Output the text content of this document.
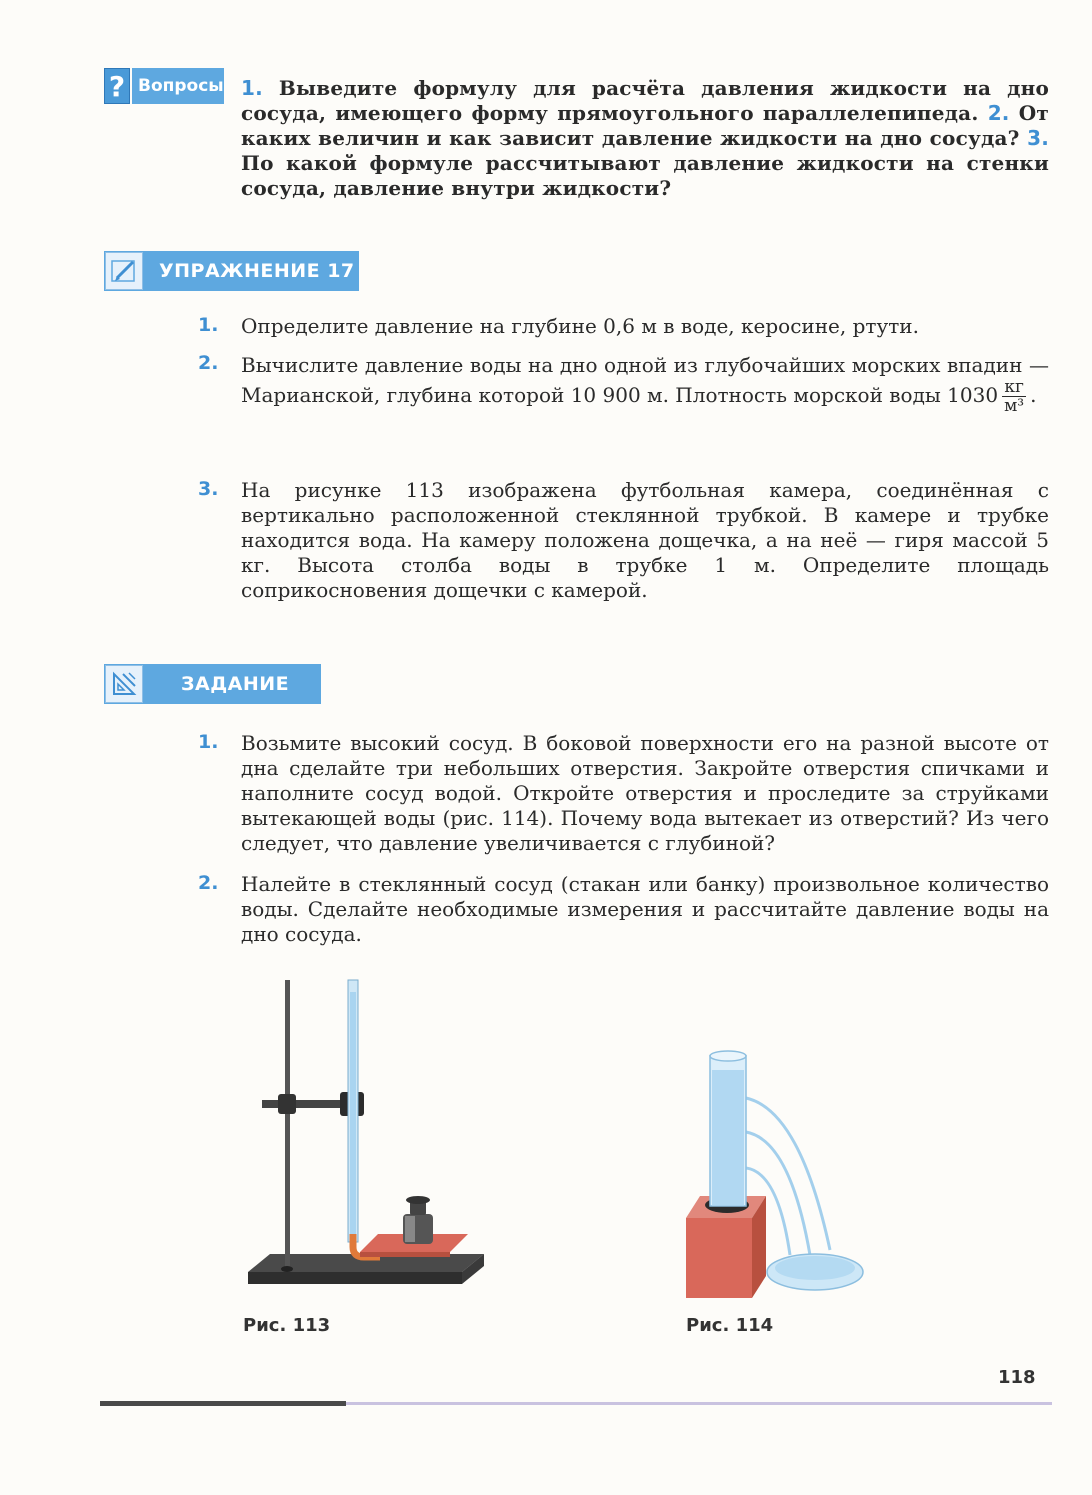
? Вопросы 1. Выведите формулу для расчёта давления жидкости на дно сосуда, имеющего форму прямоугольного параллелепипеда. 2. От каких величин и как зависит давление жидкости на дно сосуда? 3. По какой формуле рассчитывают давление жидкости на стенки сосуда, давление внутри жидкости?
УПРАЖНЕНИЕ 17
1.	Определите давление на глубине 0,6 м в воде, керосине, ртути.
2.	Вычислите давление воды на дно одной из глубочайших морских впадин — Марианской, глубина которой 10 900 м. Плотность морской воды $1030 \frac{кг}{\text{м³}}$ .
3.	На рисунке 113 изображена футбольная камера, соединённая с вертикально расположенной стеклянной трубкой. В камере и трубке находится вода. На камеру положена дощечка, а на неё — гиря массой 5 кг. Высота столба воды в трубке 1 м. Определите площадь соприкосновения дощечки с камерой.
ЗАДАНИЕ
1.	Возьмите высокий сосуд. В боковой поверхности его на разной высоте от дна сделайте три небольших отверстия. Закройте отверстия спичками и наполните сосуд водой. Откройте отверстия и проследите за струйками вытекающей воды (рис. 114). Почему вода вытекает из отверстий? Из чего следует, что давление увеличивается с глубиной?
2.	Налейте в стеклянный сосуд (стакан или банку) произвольное количество воды. Сделайте необходимые измерения и рассчитайте давление воды на дно сосуда.
Рис. 113	Рис. 114
118
